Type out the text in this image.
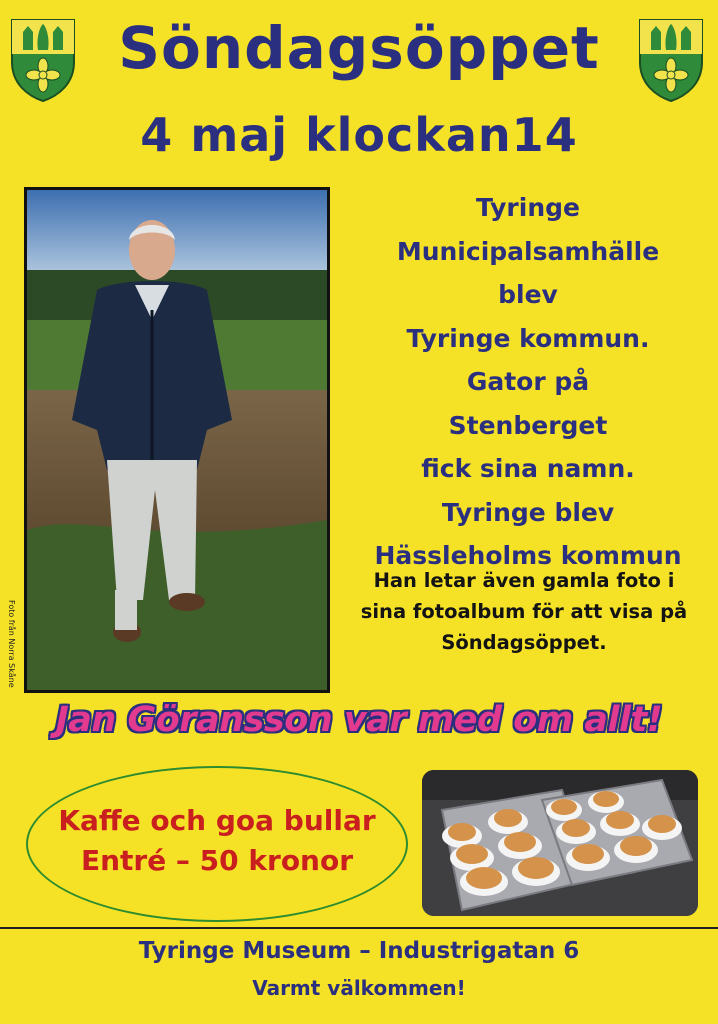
Söndagsöppet
4 maj klockan14
Foto från Norra Skåne
Tyringe
Municipalsamhälle
blev
Tyringe kommun.
Gator på
Stenberget
fick sina namn.
Tyringe blev
Hässleholms kommun
Han letar även gamla foto i
sina fotoalbum för att visa på
Söndagsöppet.
Jan Göransson var med om allt!
Kaffe och goa bullar
Entré – 50 kronor
Tyringe Museum – Industrigatan 6
Varmt välkommen!
